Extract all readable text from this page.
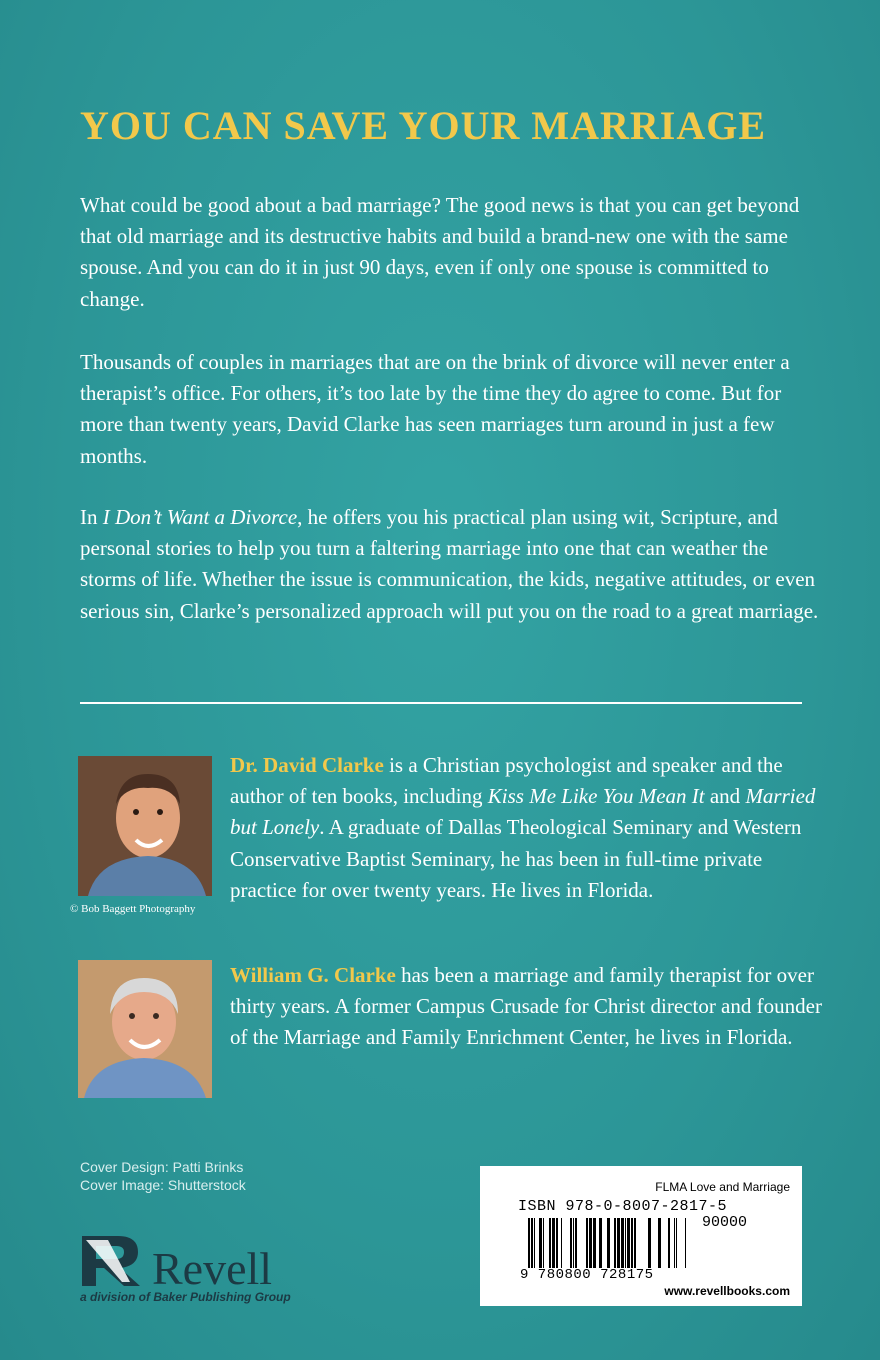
YOU CAN SAVE YOUR MARRIAGE

What could be good about a bad marriage? The good news is that you can get beyond that old marriage and its destructive habits and build a brand-new one with the same spouse. And you can do it in just 90 days, even if only one spouse is committed to change.

Thousands of couples in marriages that are on the brink of divorce will never enter a therapist’s office. For others, it’s too late by the time they do agree to come. But for more than twenty years, David Clarke has seen marriages turn around in just a few months.

In I Don’t Want a Divorce, he offers you his practical plan using wit, Scripture, and personal stories to help you turn a faltering marriage into one that can weather the storms of life. Whether the issue is communication, the kids, negative attitudes, or even serious sin, Clarke’s personalized approach will put you on the road to a great marriage.

© Bob Baggett Photography

Dr. David Clarke is a Christian psychologist and speaker and the author of ten books, including Kiss Me Like You Mean It and Married but Lonely. A graduate of Dallas Theological Seminary and Western Conservative Baptist Seminary, he has been in full-time private practice for over twenty years. He lives in Florida.

William G. Clarke has been a marriage and family therapist for over thirty years. A former Campus Crusade for Christ director and founder of the Marriage and Family Enrichment Center, he lives in Florida.

Cover Design: Patti Brinks
Cover Image: Shutterstock
Revell
a division of Baker Publishing Group
FLMA Love and Marriage
ISBN 978-0-8007-2817-5
90000
9 780800 728175
www.revellbooks.com
